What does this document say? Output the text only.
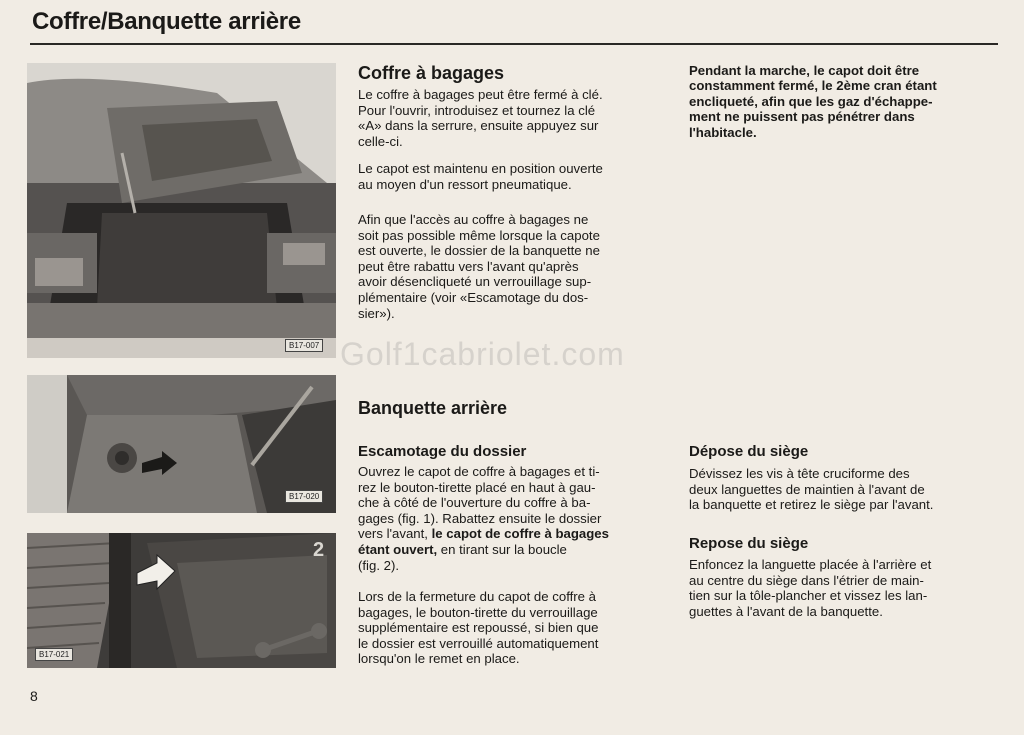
Coffre/Banquette arrière
B17-007
B17-020
2
B17-021
Coffre à bagages
Le coffre à bagages peut être fermé à clé.
Pour l'ouvrir, introduisez et tournez la clé
«A» dans la serrure, ensuite appuyez sur
celle-ci.
Le capot est maintenu en position ouverte
au moyen d'un ressort pneumatique.
Afin que l'accès au coffre à bagages ne
soit pas possible même lorsque la capote
est ouverte, le dossier de la banquette ne
peut être rabattu vers l'avant qu'après
avoir désencliqueté un verrouillage sup-
plémentaire (voir «Escamotage du dos-
sier»).
Pendant la marche, le capot doit être
constamment fermé, le 2ème cran étant
encliqueté, afin que les gaz d'échappe-
ment ne puissent pas pénétrer dans
l'habitacle.
Golf1cabriolet.com
Banquette arrière
Escamotage du dossier
Ouvrez le capot de coffre à bagages et ti-
rez le bouton-tirette placé en haut à gau-
che à côté de l'ouverture du coffre à ba-
gages (fig. 1). Rabattez ensuite le dossier
vers l'avant, le capot de coffre à bagages
étant ouvert, en tirant sur la boucle
(fig. 2).
Lors de la fermeture du capot de coffre à
bagages, le bouton-tirette du verrouillage
supplémentaire est repoussé, si bien que
le dossier est verrouillé automatiquement
lorsqu'on le remet en place.
Dépose du siège
Dévissez les vis à tête cruciforme des
deux languettes de maintien à l'avant de
la banquette et retirez le siège par l'avant.
Repose du siège
Enfoncez la languette placée à l'arrière et
au centre du siège dans l'étrier de main-
tien sur la tôle-plancher et vissez les lan-
guettes à l'avant de la banquette.
8
